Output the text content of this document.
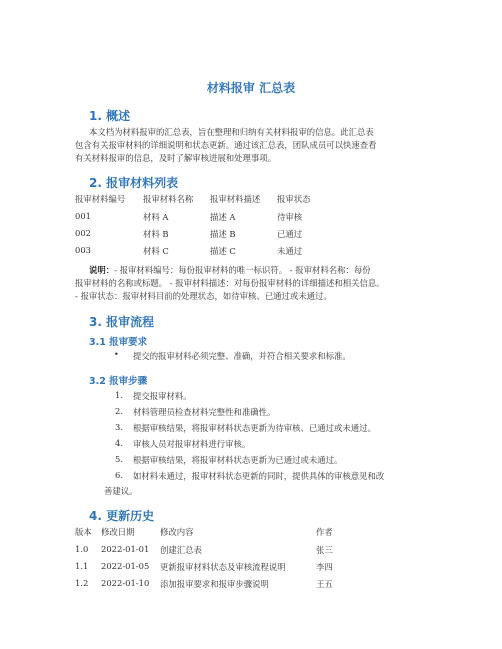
材料报审 汇总表
1. 概述
本文档为材料报审的汇总表，旨在整理和归纳有关材料报审的信息。此汇总表
包含有关报审材料的详细说明和状态更新。通过该汇总表，团队成员可以快速查看
有关材料报审的信息，及时了解审核进展和处理事项。
2. 报审材料列表
报审材料编号 报审材料名称 报审材料描述 报审状态
001	材料 A	描述 A	待审核
002	材料 B	描述 B	已通过
003	材料 C	描述 C	未通过
说明：- 报审材料编号：每份报审材料的唯一标识符。 - 报审材料名称：每份
报审材料的名称或标题。 - 报审材料描述：对每份报审材料的详细描述和相关信息。
- 报审状态：报审材料目前的处理状态，如待审核、已通过或未通过。
3. 报审流程
3.1 报审要求
• 提交的报审材料必须完整、准确，并符合相关要求和标准。
3.2 报审步骤
1. 提交报审材料。
2. 材料管理员检查材料完整性和准确性。
3. 根据审核结果，将报审材料状态更新为待审核、已通过或未通过。
4. 审核人员对报审材料进行审核。
5. 根据审核结果，将报审材料状态更新为已通过或未通过。
6. 如材料未通过，报审材料状态更新的同时，提供具体的审核意见和改
善建议。
4. 更新历史
版本 修改日期	修改内容	作者
1.0 2022-01-01 创建汇总表	张三
1.1 2022-01-05 更新报审材料状态及审核流程说明	李四
1.2 2022-01-10 添加报审要求和报审步骤说明	王五
